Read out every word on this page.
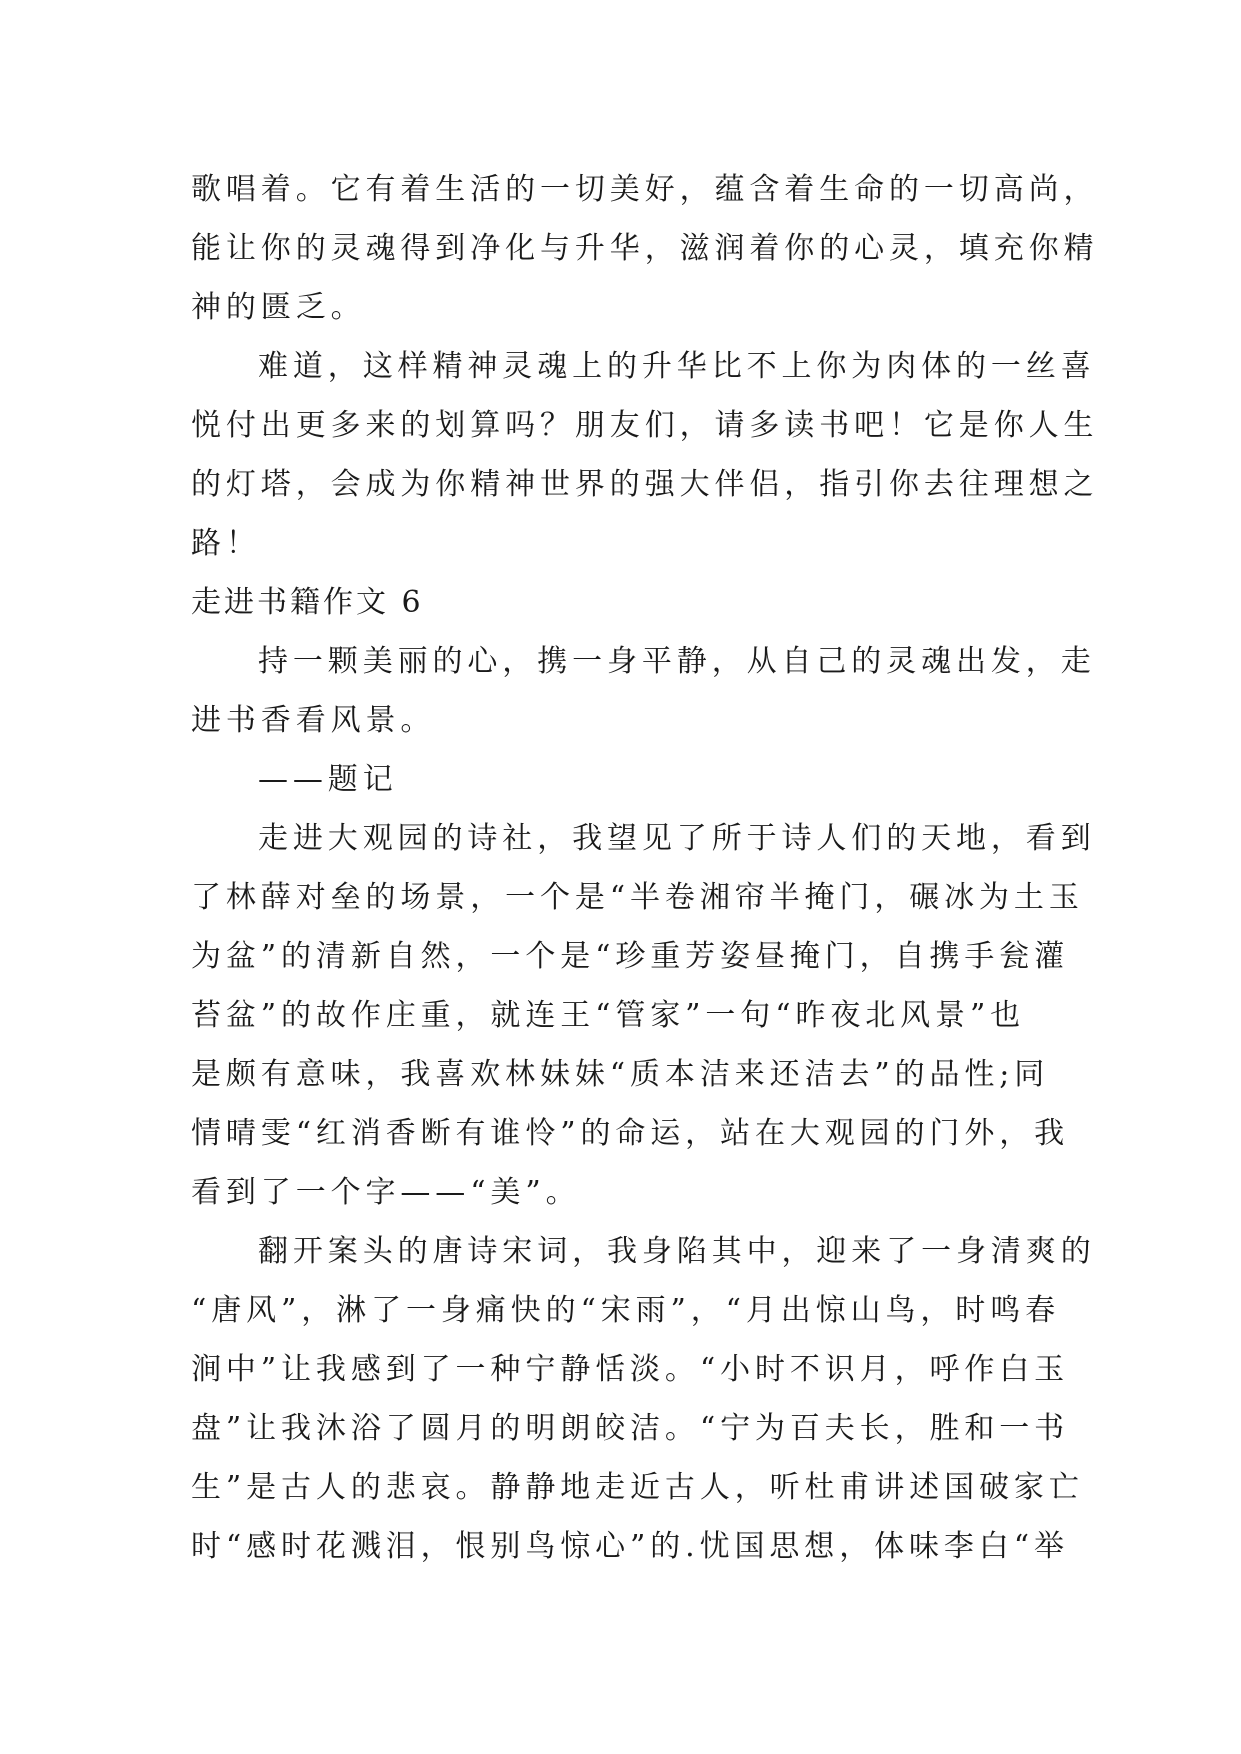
歌唱着。它有着生活的一切美好，蕴含着生命的一切高尚，
能让你的灵魂得到净化与升华，滋润着你的心灵，填充你精
神的匮乏。
难道，这样精神灵魂上的升华比不上你为肉体的一丝喜
悦付出更多来的划算吗？朋友们，请多读书吧！它是你人生
的灯塔，会成为你精神世界的强大伴侣，指引你去往理想之
路！
走进书籍作文 6
持一颗美丽的心，携一身平静，从自己的灵魂出发，走
进书香看风景。
——题记
走进大观园的诗社，我望见了所于诗人们的天地，看到
了林薛对垒的场景，一个是“半卷湘帘半掩门，碾冰为土玉
为盆”的清新自然，一个是“珍重芳姿昼掩门，自携手瓮灌
苔盆”的故作庄重，就连王“管家”一句“昨夜北风景”也
是颇有意味，我喜欢林妹妹“质本洁来还洁去”的品性;同
情晴雯“红消香断有谁怜”的命运，站在大观园的门外，我
看到了一个字——“美”。
翻开案头的唐诗宋词，我身陷其中，迎来了一身清爽的
“唐风”，淋了一身痛快的“宋雨”，“月出惊山鸟，时鸣春
涧中”让我感到了一种宁静恬淡。“小时不识月，呼作白玉
盘”让我沐浴了圆月的明朗皎洁。“宁为百夫长，胜和一书
生”是古人的悲哀。静静地走近古人，听杜甫讲述国破家亡
时“感时花溅泪，恨别鸟惊心”的.忧国思想，体味李白“举
